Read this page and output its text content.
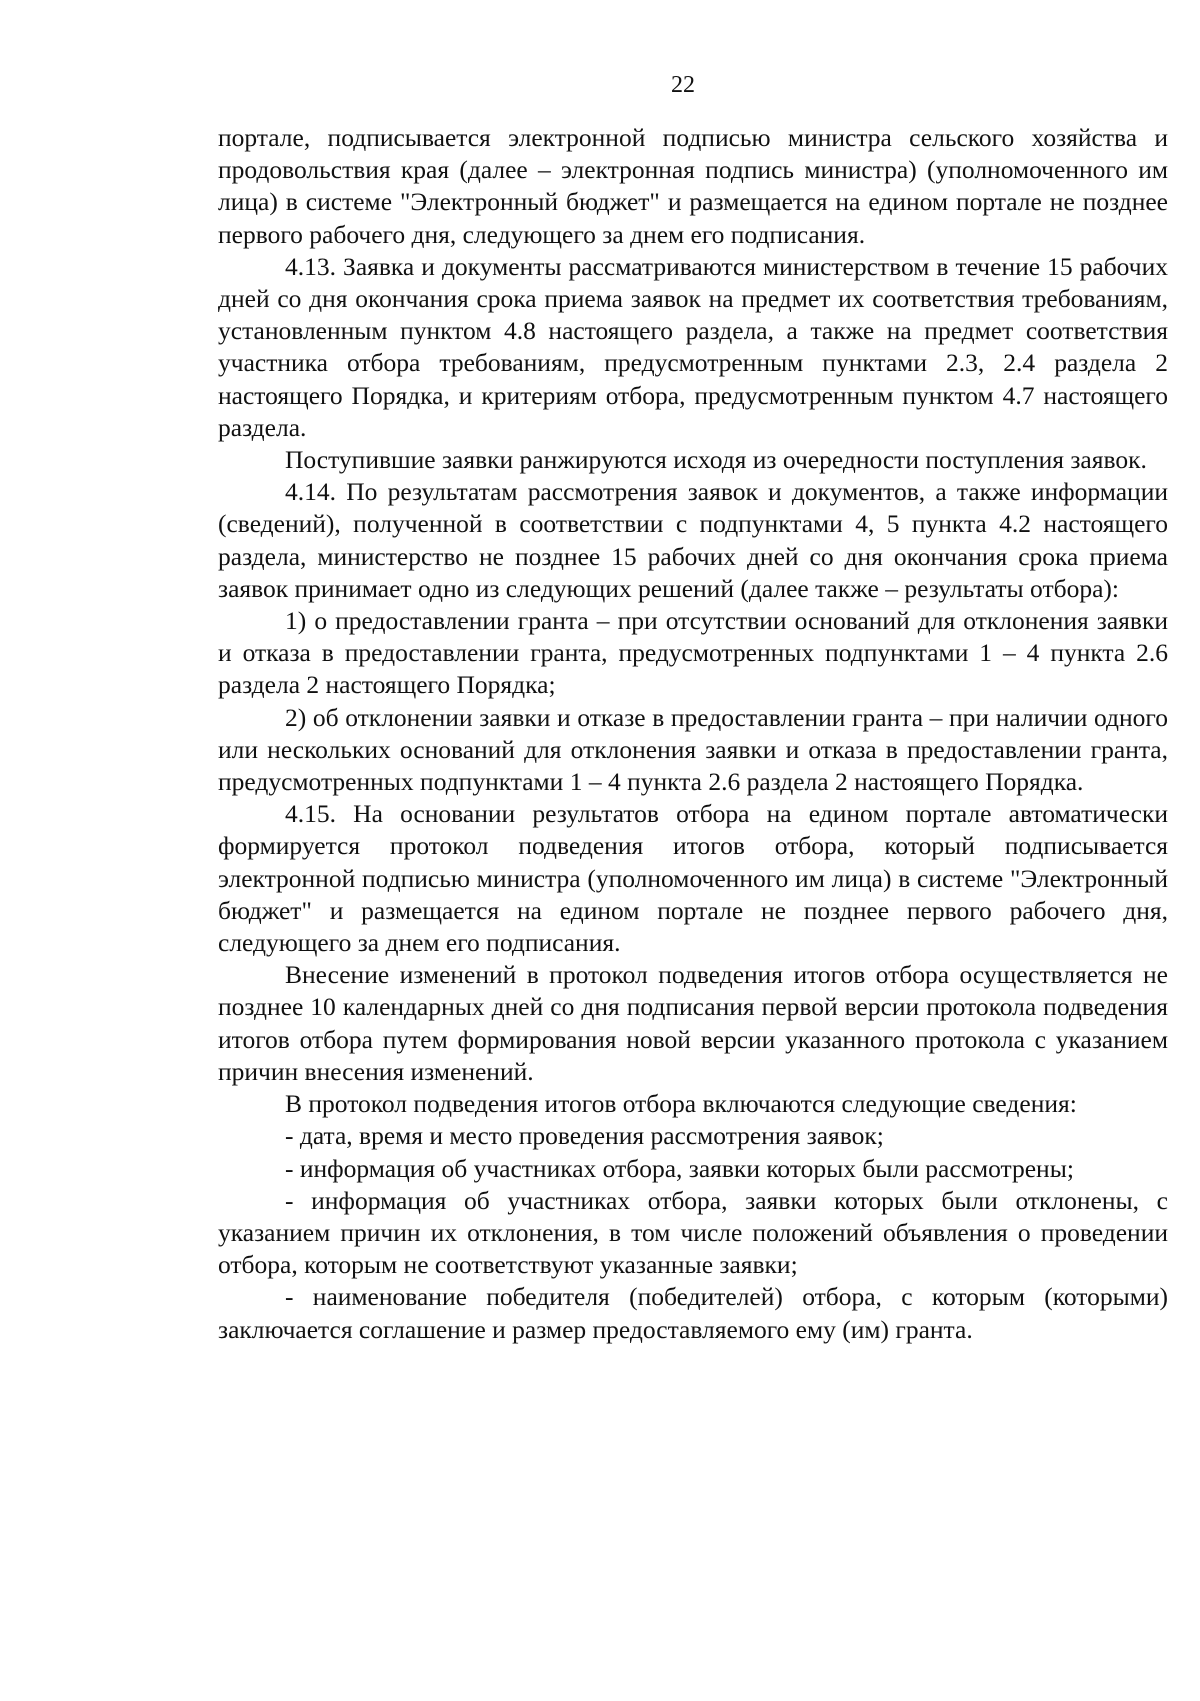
22

портале, подписывается электронной подписью министра сельского хозяйства и продовольствия края (далее – электронная подпись министра) (уполномоченного им лица) в системе "Электронный бюджет" и размещается на едином портале не позднее первого рабочего дня, следующего за днем его подписания.

4.13. Заявка и документы рассматриваются министерством в течение 15 рабочих дней со дня окончания срока приема заявок на предмет их соответствия требованиям, установленным пунктом 4.8 настоящего раздела, а также на предмет соответствия участника отбора требованиям, предусмотренным пунктами 2.3, 2.4 раздела 2 настоящего Порядка, и критериям отбора, предусмотренным пунктом 4.7 настоящего раздела.

Поступившие заявки ранжируются исходя из очередности поступления заявок.

4.14. По результатам рассмотрения заявок и документов, а также информации (сведений), полученной в соответствии с подпунктами 4, 5 пункта 4.2 настоящего раздела, министерство не позднее 15 рабочих дней со дня окончания срока приема заявок принимает одно из следующих решений (далее также – результаты отбора):

1) о предоставлении гранта – при отсутствии оснований для отклонения заявки и отказа в предоставлении гранта, предусмотренных подпунктами 1 – 4 пункта 2.6 раздела 2 настоящего Порядка;

2) об отклонении заявки и отказе в предоставлении гранта – при наличии одного или нескольких оснований для отклонения заявки и отказа в предоставлении гранта, предусмотренных подпунктами 1 – 4 пункта 2.6 раздела 2 настоящего Порядка.

4.15. На основании результатов отбора на едином портале автоматически формируется протокол подведения итогов отбора, который подписывается электронной подписью министра (уполномоченного им лица) в системе "Электронный бюджет" и размещается на едином портале не позднее первого рабочего дня, следующего за днем его подписания.

Внесение изменений в протокол подведения итогов отбора осуществляется не позднее 10 календарных дней со дня подписания первой версии протокола подведения итогов отбора путем формирования новой версии указанного протокола с указанием причин внесения изменений.

В протокол подведения итогов отбора включаются следующие сведения:

- дата, время и место проведения рассмотрения заявок;

- информация об участниках отбора, заявки которых были рассмотрены;

- информация об участниках отбора, заявки которых были отклонены, с указанием причин их отклонения, в том числе положений объявления о проведении отбора, которым не соответствуют указанные заявки;

- наименование победителя (победителей) отбора, с которым (которыми) заключается соглашение и размер предоставляемого ему (им) гранта.
